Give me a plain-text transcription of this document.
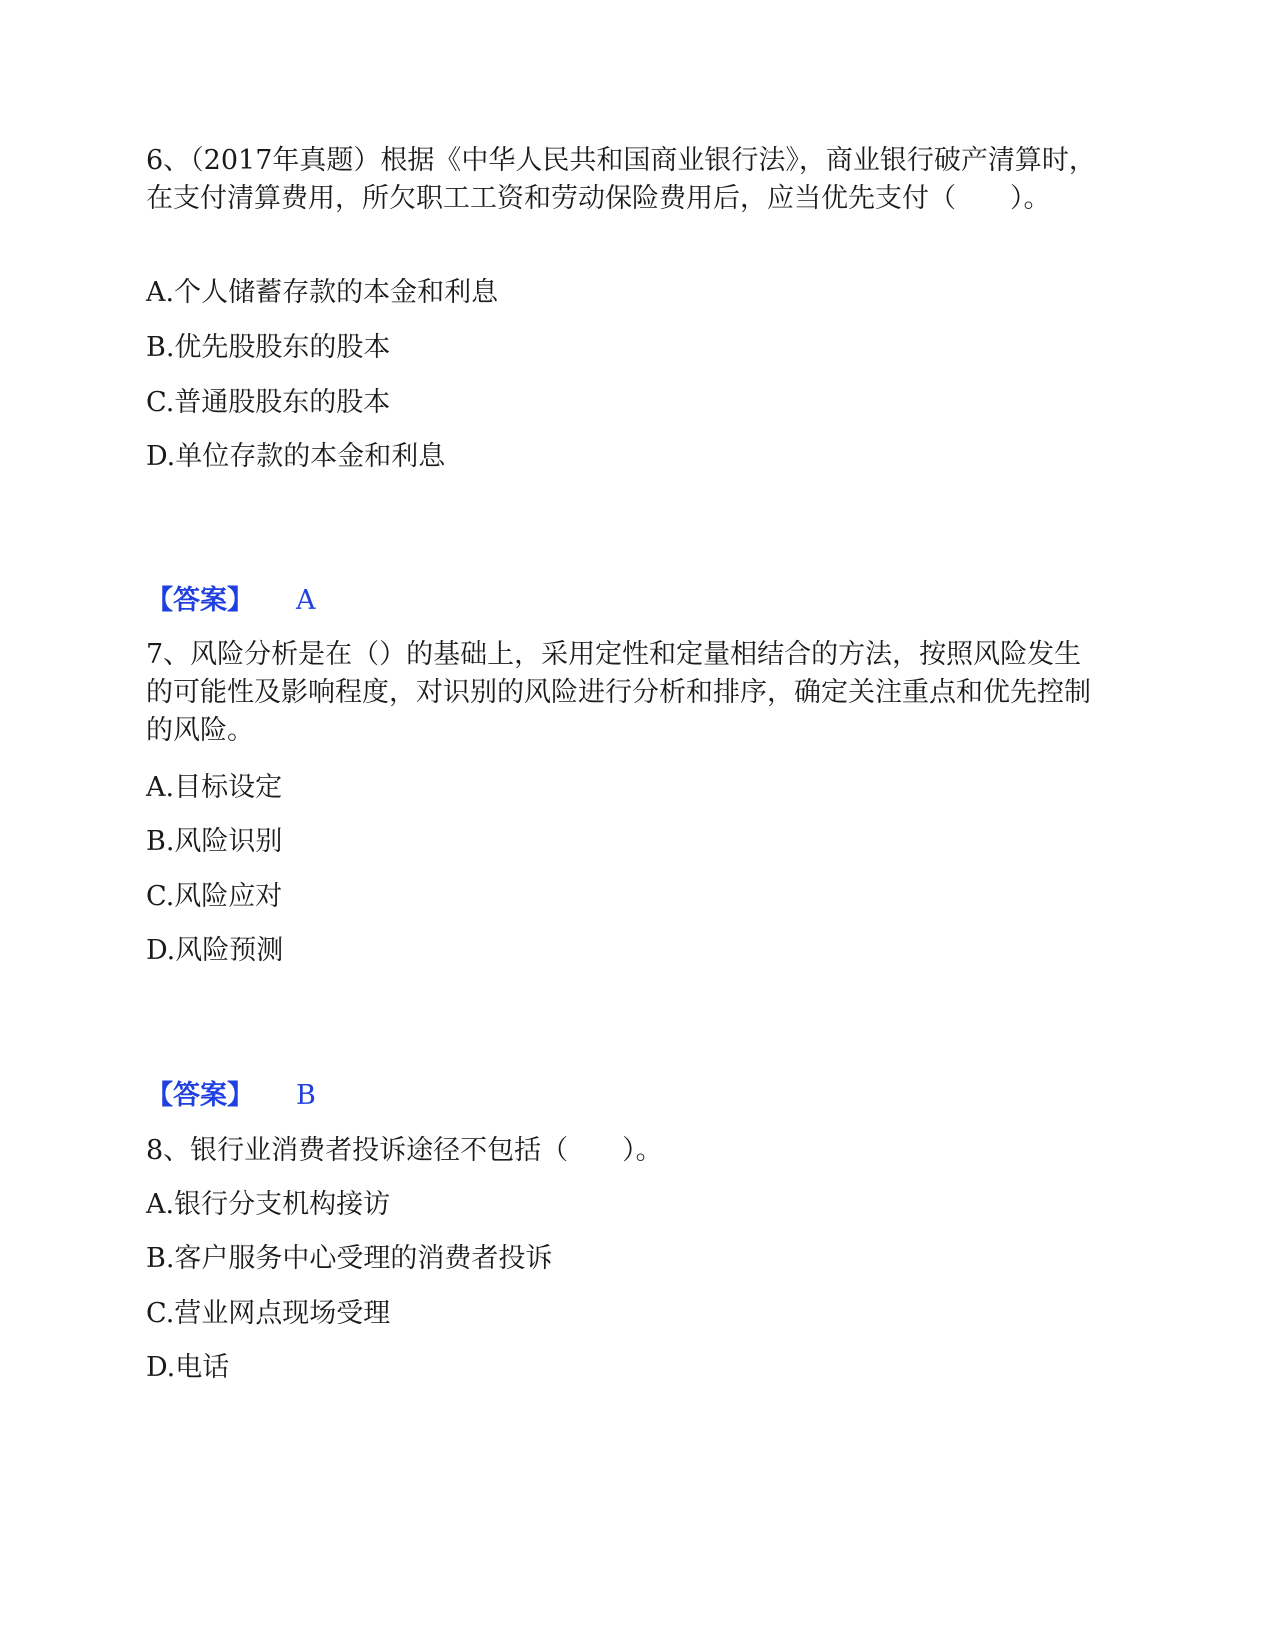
6、（2017年真题）根据《中华人民共和国商业银行法》，商业银行破产清算时，在支付清算费用，所欠职工工资和劳动保险费用后，应当优先支付（　　）。

A.个人储蓄存款的本金和利息

B.优先股股东的股本

C.普通股股东的股本

D.单位存款的本金和利息

【答案】 A

7、风险分析是在（）的基础上，采用定性和定量相结合的方法，按照风险发生的可能性及影响程度，对识别的风险进行分析和排序，确定关注重点和优先控制的风险。

A.目标设定

B.风险识别

C.风险应对

D.风险预测

【答案】 B

8、银行业消费者投诉途径不包括（　　）。

A.银行分支机构接访

B.客户服务中心受理的消费者投诉

C.营业网点现场受理

D.电话
